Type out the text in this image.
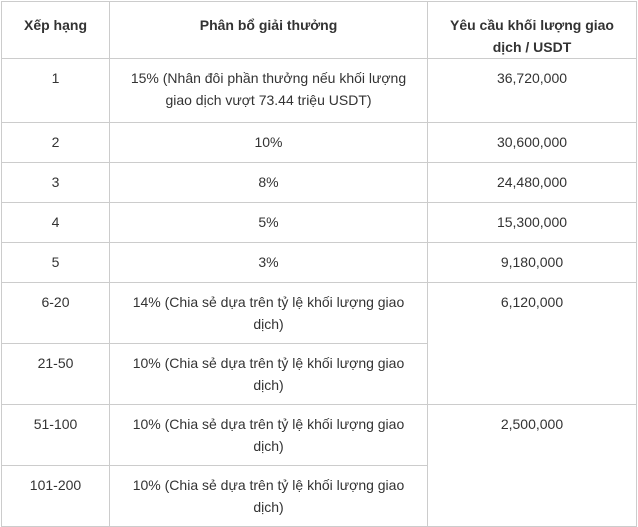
Xếp hạng	Phân bổ giải thưởng	Yêu cầu khối lượng giao dịch / USDT
1	15% (Nhân đôi phần thưởng nếu khối lượng giao dịch vượt 73.44 triệu USDT)	36,720,000
2	10%	30,600,000
3	8%	24,480,000
4	5%	15,300,000
5	3%	9,180,000
6-20	14% (Chia sẻ dựa trên tỷ lệ khối lượng giao dịch)	6,120,000
21-50	10% (Chia sẻ dựa trên tỷ lệ khối lượng giao dịch)	
51-100	10% (Chia sẻ dựa trên tỷ lệ khối lượng giao dịch)	2,500,000
101-200	10% (Chia sẻ dựa trên tỷ lệ khối lượng giao dịch)	
